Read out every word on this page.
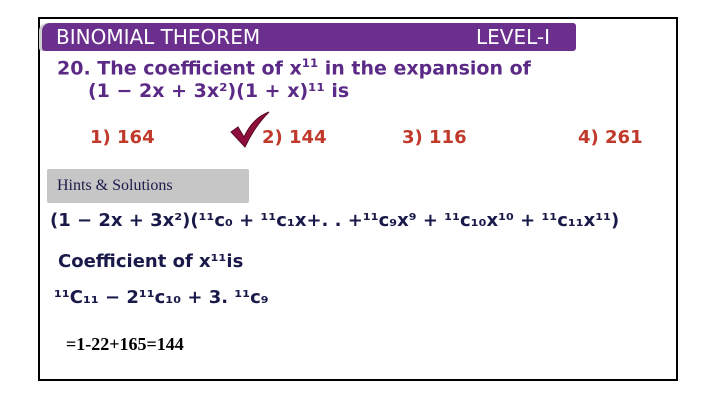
BINOMIAL THEOREM	LEVEL-I
20. The coefficient of $x^{11}$ in the expansion of
(1 − 2x + 3x²)(1 + x)¹¹ is
1) 164	2) 144	3) 116	4) 261
Hints & Solutions
(1 − 2x + 3x²)(¹¹c₀ + ¹¹c₁x+. . +¹¹c₉x⁹ + ¹¹c₁₀x¹⁰ + ¹¹c₁₁x¹¹)
Coefficient of x¹¹is
¹¹C₁₁ − 2¹¹c₁₀ + 3. ¹¹c₉
=1-22+165=144
